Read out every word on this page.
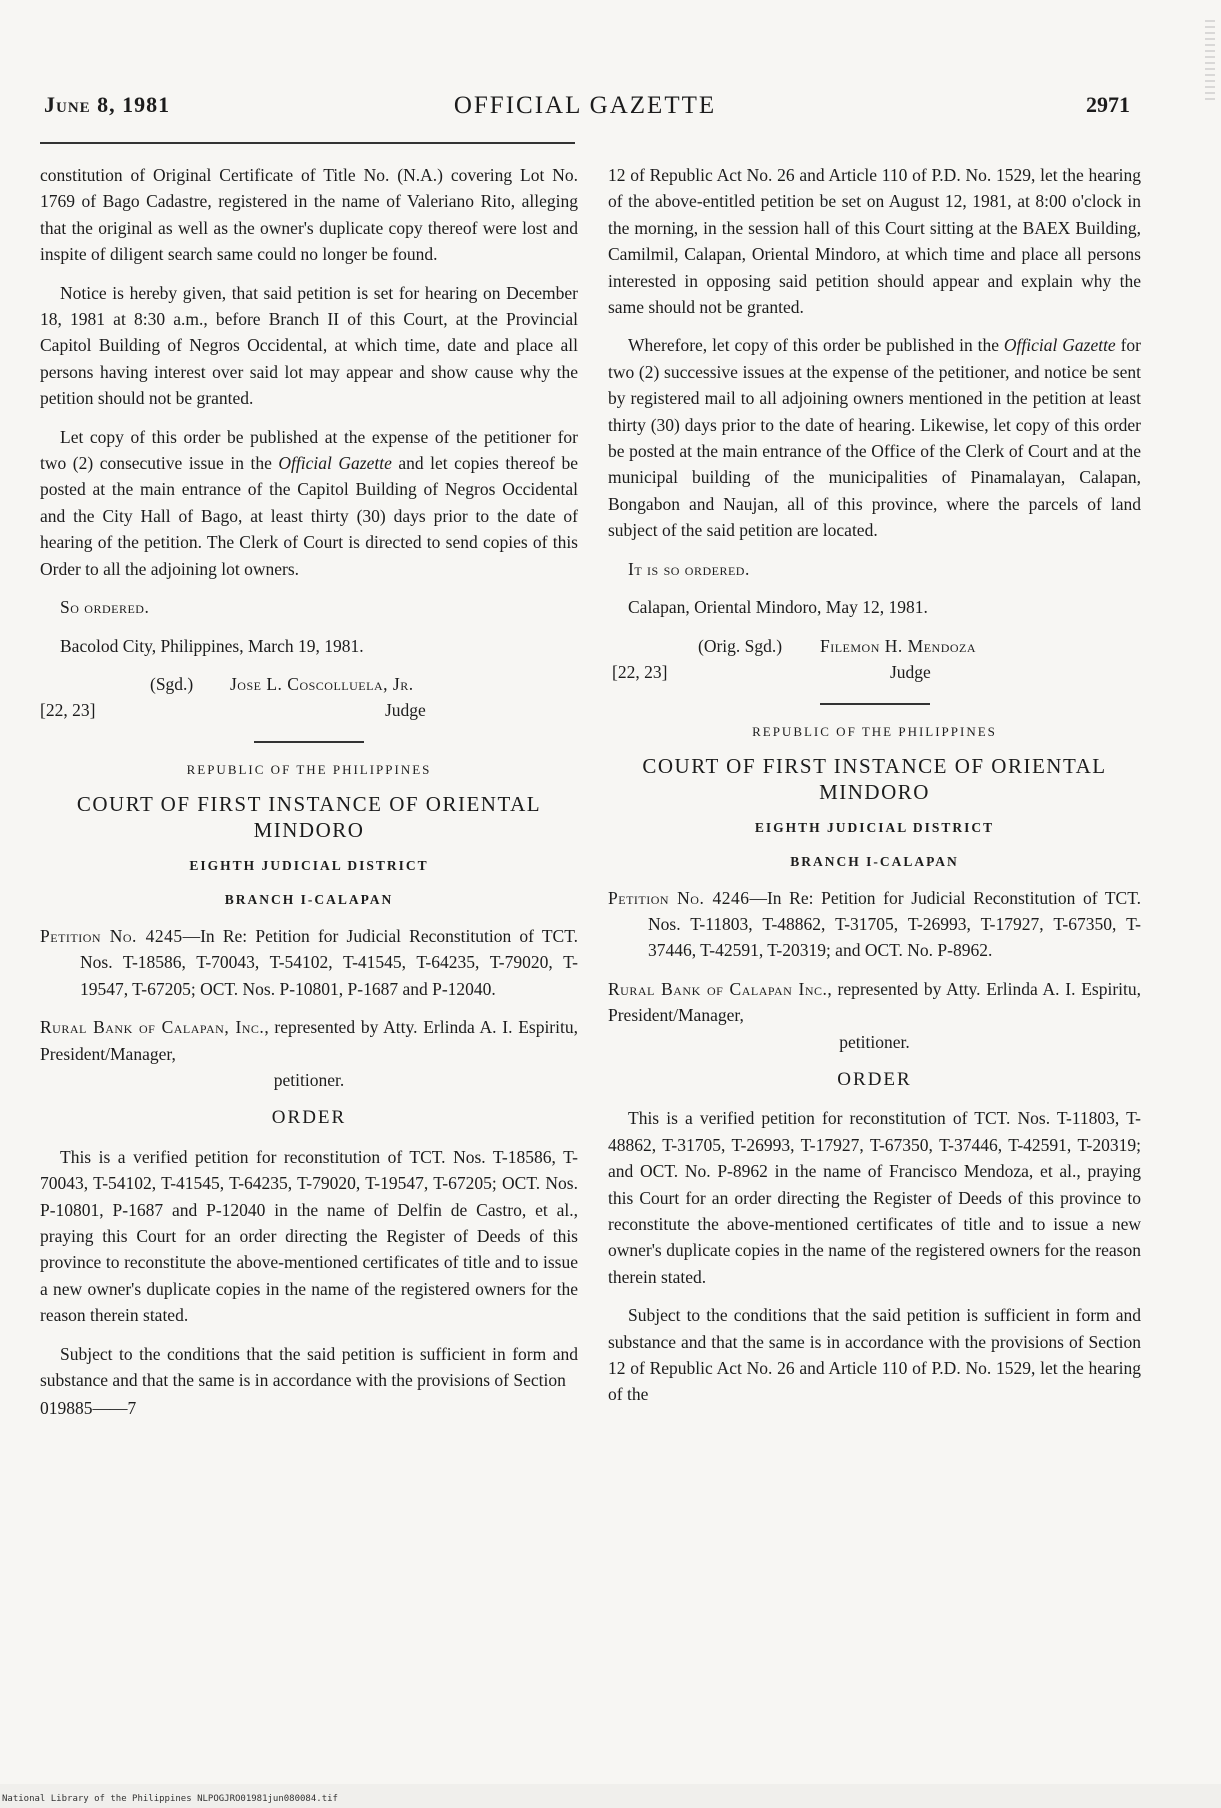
June 8, 1981	OFFICIAL GAZETTE	2971

constitution of Original Certificate of Title No. (N.A.) covering Lot No. 1769 of Bago Cadastre, registered in the name of Valeriano Rito, alleging that the original as well as the owner's duplicate copy thereof were lost and inspite of diligent search same could no longer be found.

Notice is hereby given, that said petition is set for hearing on December 18, 1981 at 8:30 a.m., before Branch II of this Court, at the Provincial Capitol Building of Negros Occidental, at which time, date and place all persons having interest over said lot may appear and show cause why the petition should not be granted.

Let copy of this order be published at the expense of the petitioner for two (2) consecutive issue in the Official Gazette and let copies thereof be posted at the main entrance of the Capitol Building of Negros Occidental and the City Hall of Bago, at least thirty (30) days prior to the date of hearing of the petition. The Clerk of Court is directed to send copies of this Order to all the adjoining lot owners.

So ordered.

Bacolod City, Philippines, March 19, 1981.

(Sgd.) Jose L. Coscolluela, Jr.
[22, 23]	Judge

REPUBLIC OF THE PHILIPPINES

COURT OF FIRST INSTANCE OF ORIENTAL MINDORO

EIGHTH JUDICIAL DISTRICT

BRANCH I-CALAPAN

Petition No. 4245—In Re: Petition for Judicial Reconstitution of TCT. Nos. T-18586, T-70043, T-54102, T-41545, T-64235, T-79020, T-19547, T-67205; OCT. Nos. P-10801, P-1687 and P-12040.

Rural Bank of Calapan, Inc., represented by Atty. Erlinda A. I. Espiritu, President/Manager,

petitioner.

ORDER

This is a verified petition for reconstitution of TCT. Nos. T-18586, T-70043, T-54102, T-41545, T-64235, T-79020, T-19547, T-67205; OCT. Nos. P-10801, P-1687 and P-12040 in the name of Delfin de Castro, et al., praying this Court for an order directing the Register of Deeds of this province to reconstitute the above-mentioned certificates of title and to issue a new owner's duplicate copies in the name of the registered owners for the reason therein stated.

Subject to the conditions that the said petition is sufficient in form and substance and that the same is in accordance with the provisions of Section

019885——7

12 of Republic Act No. 26 and Article 110 of P.D. No. 1529, let the hearing of the above-entitled petition be set on August 12, 1981, at 8:00 o'clock in the morning, in the session hall of this Court sitting at the BAEX Building, Camilmil, Calapan, Oriental Mindoro, at which time and place all persons interested in opposing said petition should appear and explain why the same should not be granted.

Wherefore, let copy of this order be published in the Official Gazette for two (2) successive issues at the expense of the petitioner, and notice be sent by registered mail to all adjoining owners mentioned in the petition at least thirty (30) days prior to the date of hearing. Likewise, let copy of this order be posted at the main entrance of the Office of the Clerk of Court and at the municipal building of the municipalities of Pinamalayan, Calapan, Bongabon and Naujan, all of this province, where the parcels of land subject of the said petition are located.

It is so ordered.

Calapan, Oriental Mindoro, May 12, 1981.

(Orig. Sgd.) Filemon H. Mendoza
[22, 23]	Judge

REPUBLIC OF THE PHILIPPINES

COURT OF FIRST INSTANCE OF ORIENTAL MINDORO

EIGHTH JUDICIAL DISTRICT

BRANCH I-CALAPAN

Petition No. 4246—In Re: Petition for Judicial Reconstitution of TCT. Nos. T-11803, T-48862, T-31705, T-26993, T-17927, T-67350, T-37446, T-42591, T-20319; and OCT. No. P-8962.

Rural Bank of Calapan Inc., represented by Atty. Erlinda A. I. Espiritu, President/Manager,

petitioner.

ORDER

This is a verified petition for reconstitution of TCT. Nos. T-11803, T-48862, T-31705, T-26993, T-17927, T-67350, T-37446, T-42591, T-20319; and OCT. No. P-8962 in the name of Francisco Mendoza, et al., praying this Court for an order directing the Register of Deeds of this province to reconstitute the above-mentioned certificates of title and to issue a new owner's duplicate copies in the name of the registered owners for the reason therein stated.

Subject to the conditions that the said petition is sufficient in form and substance and that the same is in accordance with the provisions of Section 12 of Republic Act No. 26 and Article 110 of P.D. No. 1529, let the hearing of the

National Library of the Philippines NLPOGJRO01981jun080084.tif
